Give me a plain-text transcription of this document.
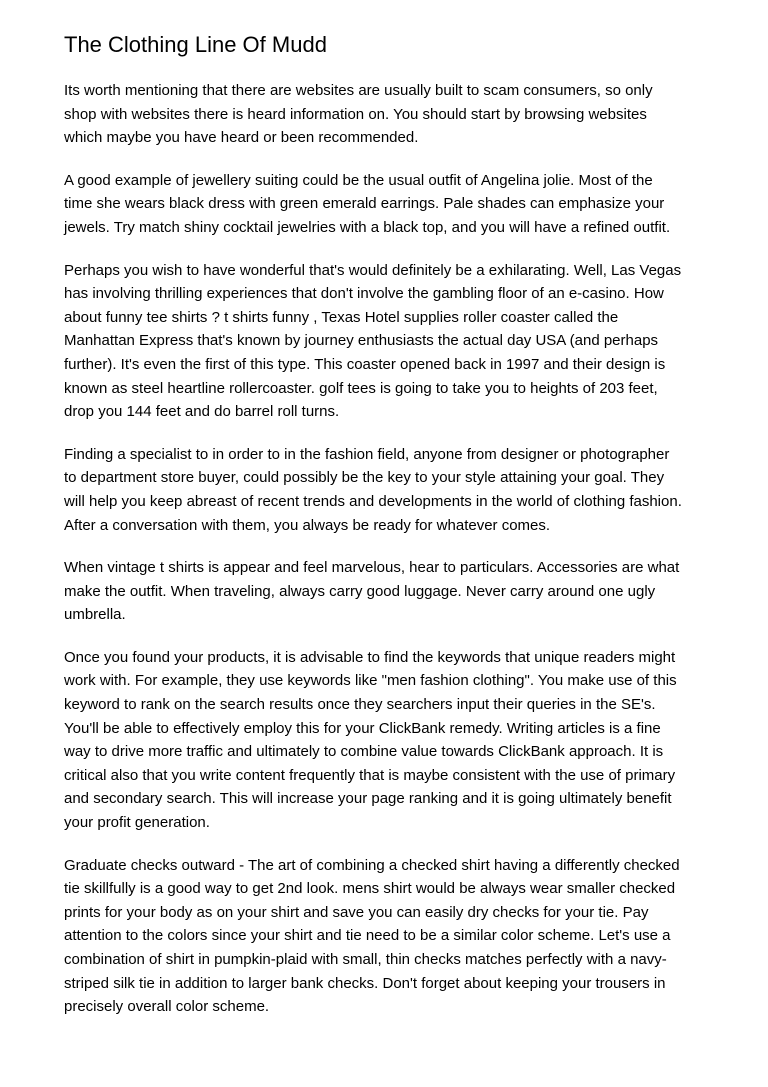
The Clothing Line Of Mudd

Its worth mentioning that there are websites are usually built to scam consumers, so only
shop with websites there is heard information on. You should start by browsing websites
which maybe you have heard or been recommended.

A good example of jewellery suiting could be the usual outfit of Angelina jolie. Most of the
time she wears black dress with green emerald earrings. Pale shades can emphasize your
jewels. Try match shiny cocktail jewelries with a black top, and you will have a refined outfit.

Perhaps you wish to have wonderful that's would definitely be a exhilarating. Well, Las Vegas
has involving thrilling experiences that don't involve the gambling floor of an e-casino. How
about funny tee shirts ? t shirts funny , Texas Hotel supplies roller coaster called the
Manhattan Express that's known by journey enthusiasts the actual day USA (and perhaps
further). It's even the first of this type. This coaster opened back in 1997 and their design is
known as steel heartline rollercoaster. golf tees is going to take you to heights of 203 feet,
drop you 144 feet and do barrel roll turns.

Finding a specialist to in order to in the fashion field, anyone from designer or photographer
to department store buyer, could possibly be the key to your style attaining your goal. They
will help you keep abreast of recent trends and developments in the world of clothing fashion.
After a conversation with them, you always be ready for whatever comes.

When vintage t shirts is appear and feel marvelous, hear to particulars. Accessories are what
make the outfit. When traveling, always carry good luggage. Never carry around one ugly
umbrella.

Once you found your products, it is advisable to find the keywords that unique readers might
work with. For example, they use keywords like "men fashion clothing". You make use of this
keyword to rank on the search results once they searchers input their queries in the SE's.
You'll be able to effectively employ this for your ClickBank remedy. Writing articles is a fine
way to drive more traffic and ultimately to combine value towards ClickBank approach. It is
critical also that you write content frequently that is maybe consistent with the use of primary
and secondary search. This will increase your page ranking and it is going ultimately benefit
your profit generation.

Graduate checks outward - The art of combining a checked shirt having a differently checked
tie skillfully is a good way to get 2nd look. mens shirt would be always wear smaller checked
prints for your body as on your shirt and save you can easily dry checks for your tie. Pay
attention to the colors since your shirt and tie need to be a similar color scheme. Let's use a
combination of shirt in pumpkin-plaid with small, thin checks matches perfectly with a navy-
striped silk tie in addition to larger bank checks. Don't forget about keeping your trousers in
precisely overall color scheme.
